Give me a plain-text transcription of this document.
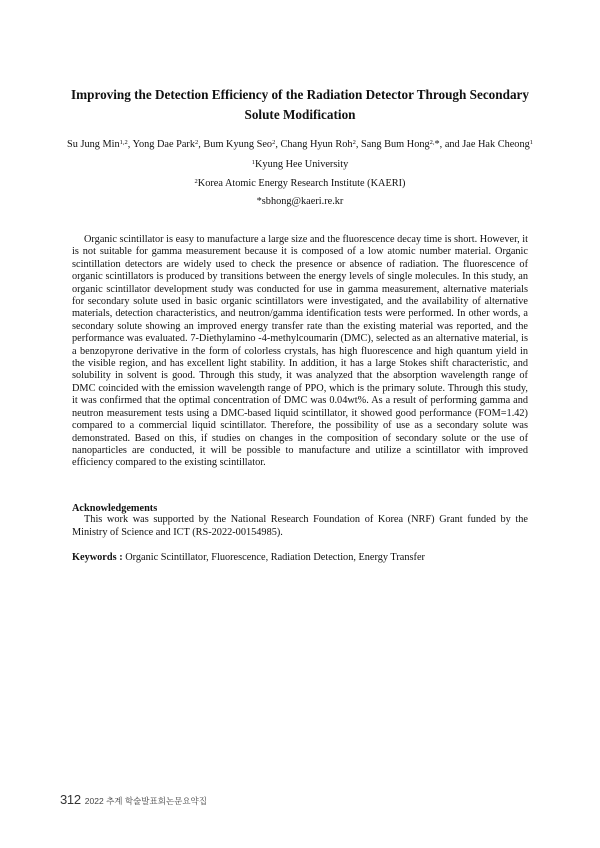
Improving the Detection Efficiency of the Radiation Detector Through Secondary
Solute Modification
Su Jung Min$^{1,2}$, Yong Dae Park$^2$, Bum Kyung Seo$^2$, Chang Hyun Roh$^2$, Sang Bum Hong$^{2,}$*, and Jae Hak Cheong$^1$
$^1$Kyung Hee University
$^2$Korea Atomic Energy Research Institute (KAERI)
*sbhong@kaeri.re.kr
Organic scintillator is easy to manufacture a large size and the fluorescence decay time is short. However, it is not suitable for gamma measurement because it is composed of a low atomic number material. Organic scintillation detectors are widely used to check the presence or absence of radiation. The fluorescence of organic scintillators is produced by transitions between the energy levels of single molecules. In this study, an organic scintillator development study was conducted for use in gamma measurement, alternative materials for secondary solute used in basic organic scintillators were investigated, and the availability of alternative materials, detection characteristics, and neutron/gamma identification tests were performed. In other words, a secondary solute showing an improved energy transfer rate than the existing material was reported, and the performance was evaluated. 7-Diethylamino -4-methylcoumarin (DMC), selected as an alternative material, is a benzopyrone derivative in the form of colorless crystals, has high fluorescence and high quantum yield in the visible region, and has excellent light stability. In addition, it has a large Stokes shift characteristic, and solubility in solvent is good. Through this study, it was analyzed that the absorption wavelength range of DMC coincided with the emission wavelength range of PPO, which is the primary solute. Through this study, it was confirmed that the optimal concentration of DMC was 0.04wt%. As a result of performing gamma and neutron measurement tests using a DMC-based liquid scintillator, it showed good performance (FOM=1.42) compared to a commercial liquid scintillator. Therefore, the possibility of use as a secondary solute was demonstrated. Based on this, if studies on changes in the composition of secondary solute or the use of nanoparticles are conducted, it will be possible to manufacture and utilize a scintillator with improved efficiency compared to the existing scintillator.
Acknowledgements
This work was supported by the National Research Foundation of Korea (NRF) Grant funded by the Ministry of Science and ICT (RS-2022-00154985).
Keywords : Organic Scintillator, Fluorescence, Radiation Detection, Energy Transfer
312 2022 추계 학술발표회논문요약집
